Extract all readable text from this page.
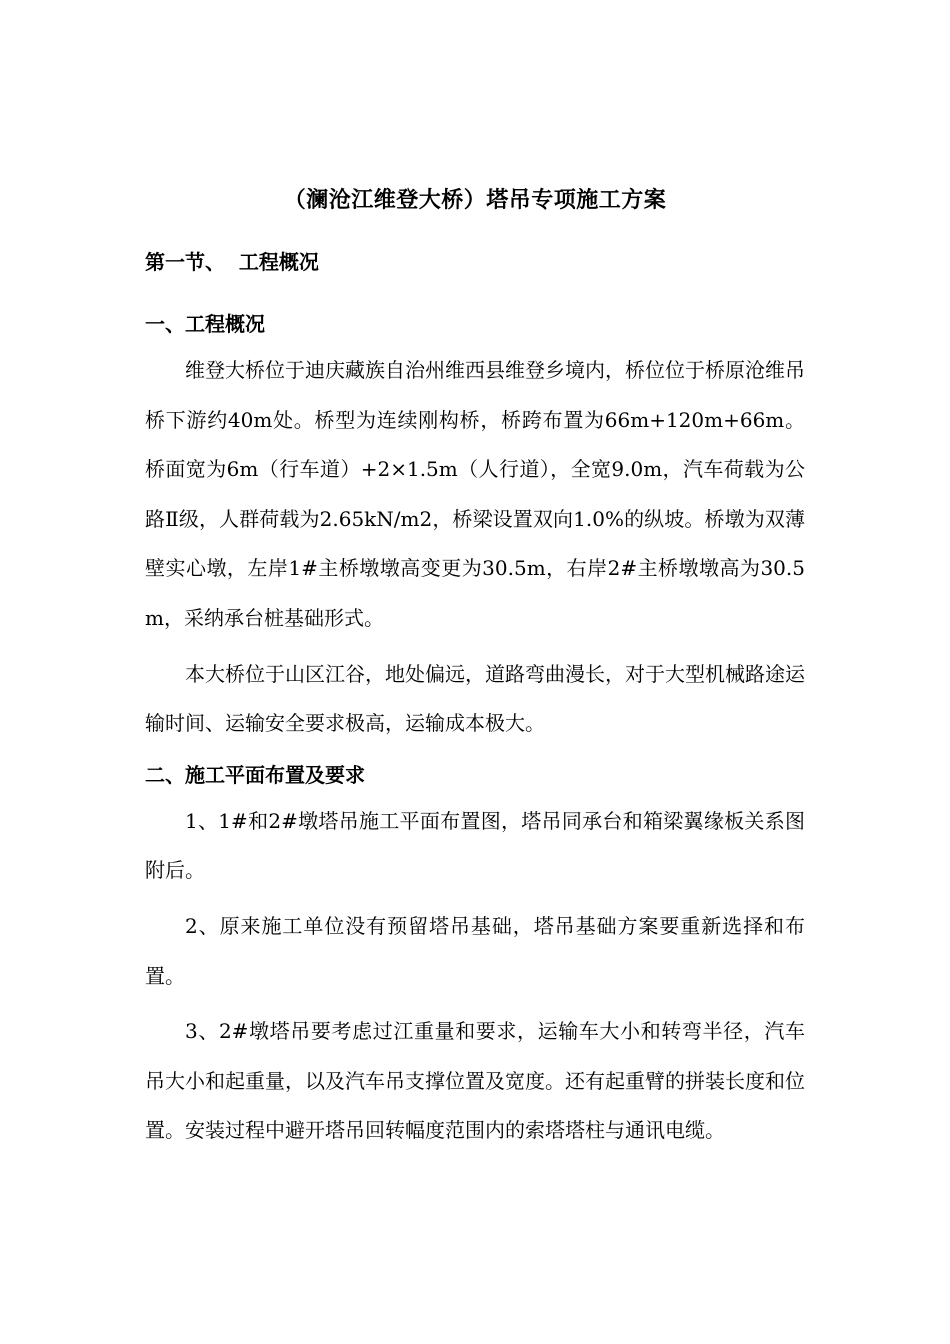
（澜沧江维登大桥）塔吊专项施工方案
第一节、  工程概况
一、工程概况

维登大桥位于迪庆藏族自治州维西县维登乡境内，桥位位于桥原沧维吊桥下游约40m处。桥型为连续刚构桥，桥跨布置为66m+120m+66m。桥面宽为6m（行车道）+2×1.5m（人行道），全宽9.0m，汽车荷载为公路Ⅱ级，人群荷载为2.65kN/m2，桥梁设置双向1.0%的纵坡。桥墩为双薄壁实心墩，左岸1#主桥墩墩高变更为30.5m，右岸2#主桥墩墩高为30.5m，采纳承台桩基础形式。

本大桥位于山区江谷，地处偏远，道路弯曲漫长，对于大型机械路途运输时间、运输安全要求极高，运输成本极大。

二、施工平面布置及要求

1、1#和2#墩塔吊施工平面布置图，塔吊同承台和箱梁翼缘板关系图附后。

2、原来施工单位没有预留塔吊基础，塔吊基础方案要重新选择和布置。

3、2#墩塔吊要考虑过江重量和要求，运输车大小和转弯半径，汽车吊大小和起重量，以及汽车吊支撑位置及宽度。还有起重臂的拼装长度和位置。安装过程中避开塔吊回转幅度范围内的索塔塔柱与通讯电缆。
